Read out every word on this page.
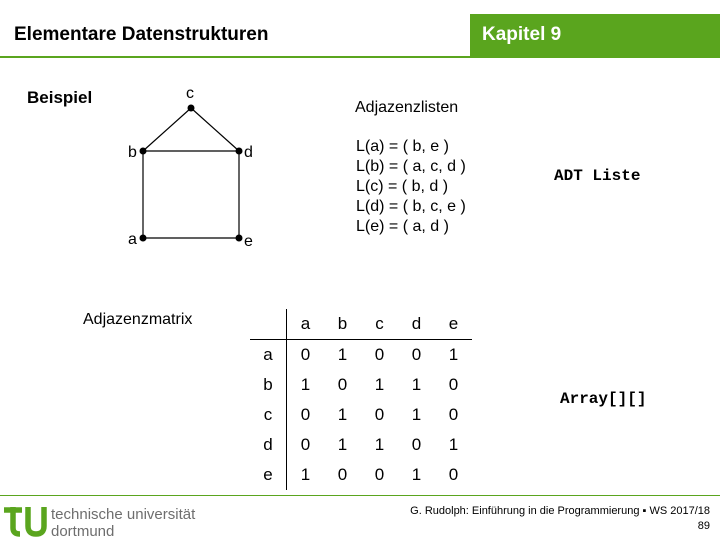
Elementare Datenstrukturen	Kapitel 9
Beispiel	c
b	d
a	e
Adjazenzlisten
L(a) = ( b, e )
L(b) = ( a, c, d )
L(c) = ( b, d )
L(d) = ( b, c, e )
L(e) = ( a, d )
ADT Liste
Adjazenzmatrix
		a	b	c	d	e
a	0	1	0	0	1
b	1	0	1	1	0
c	0	1	0	1	0
d	0	1	1	0	1
e	1	0	0	1	0
Array[][]
technische universität
dortmund
G. Rudolph: Einführung in die Programmierung ▪ WS 2017/18
89
